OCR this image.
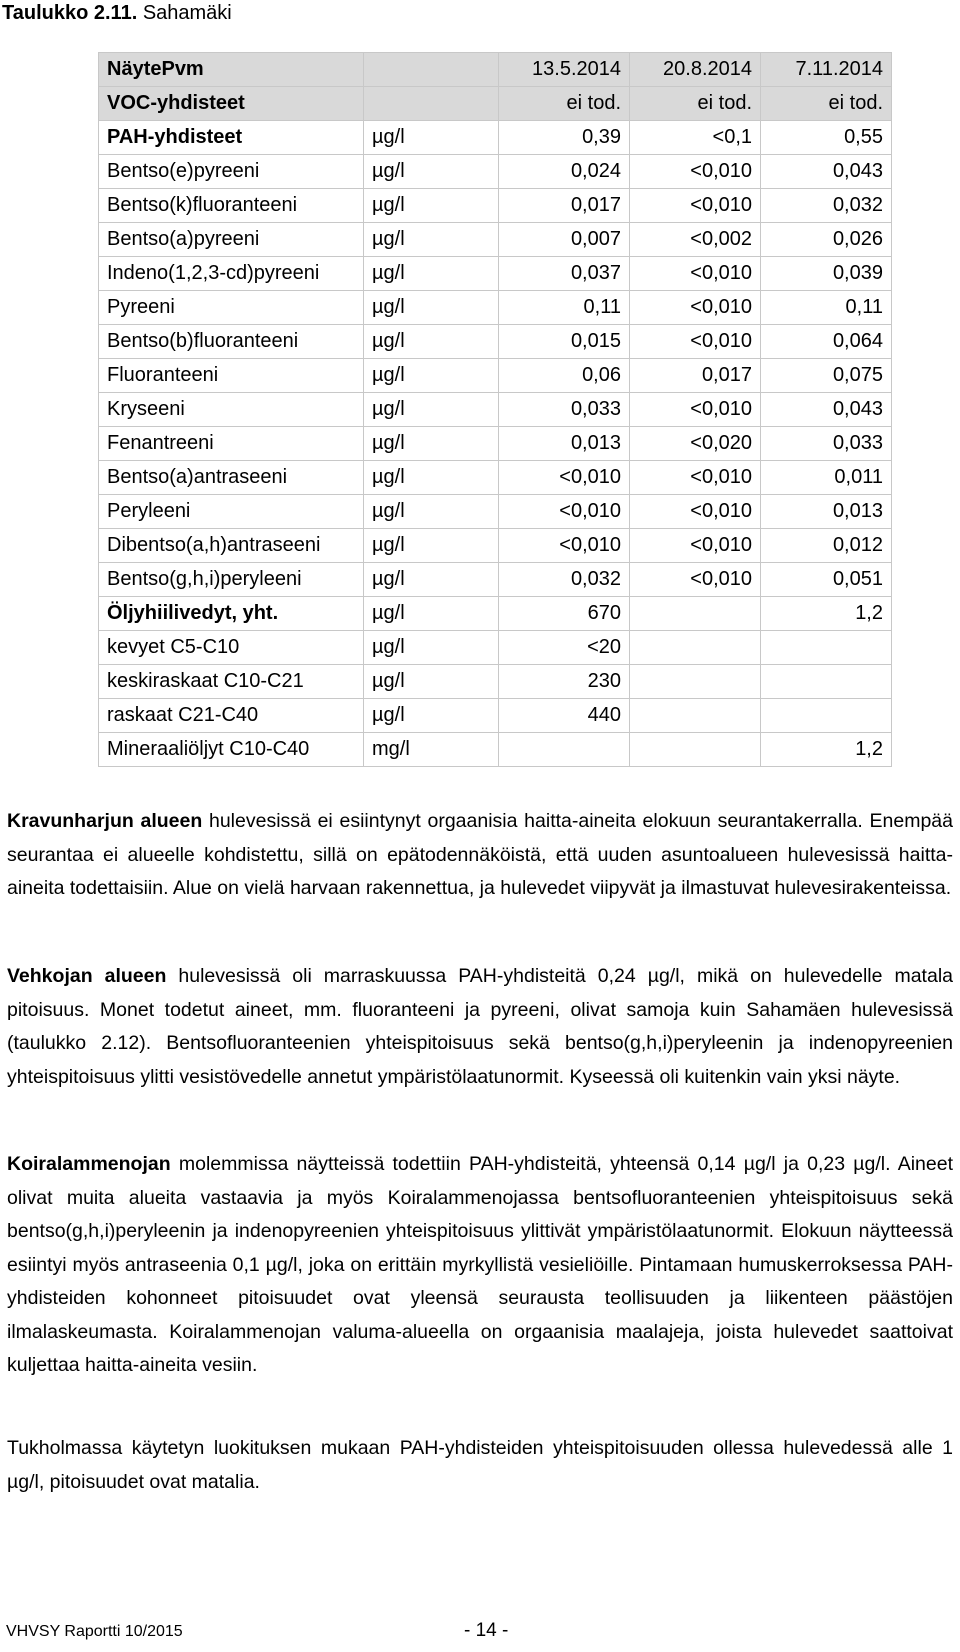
Taulukko 2.11. Sahamäki
NäytePvm		13.5.2014	20.8.2014	7.11.2014
VOC-yhdisteet		ei tod.	ei tod.	ei tod.
PAH-yhdisteet	µg/l	0,39	<0,1	0,55
Bentso(e)pyreeni	µg/l	0,024	<0,010	0,043
Bentso(k)fluoranteeni	µg/l	0,017	<0,010	0,032
Bentso(a)pyreeni	µg/l	0,007	<0,002	0,026
Indeno(1,2,3-cd)pyreeni	µg/l	0,037	<0,010	0,039
Pyreeni	µg/l	0,11	<0,010	0,11
Bentso(b)fluoranteeni	µg/l	0,015	<0,010	0,064
Fluoranteeni	µg/l	0,06	0,017	0,075
Kryseeni	µg/l	0,033	<0,010	0,043
Fenantreeni	µg/l	0,013	<0,020	0,033
Bentso(a)antraseeni	µg/l	<0,010	<0,010	0,011
Peryleeni	µg/l	<0,010	<0,010	0,013
Dibentso(a,h)antraseeni	µg/l	<0,010	<0,010	0,012
Bentso(g,h,i)peryleeni	µg/l	0,032	<0,010	0,051
Öljyhiilivedyt, yht.	µg/l	670		1,2
kevyet C5-C10	µg/l	<20		
keskiraskaat C10-C21	µg/l	230		
raskaat C21-C40	µg/l	440		
Mineraaliöljyt C10-C40	mg/l			1,2

Kravunharjun alueen hulevesissä ei esiintynyt orgaanisia haitta-aineita elokuun seurantakerralla. Enempää seurantaa ei alueelle kohdistettu, sillä on epätodennäköistä, että uuden asuntoalueen hulevesissä haitta-aineita todettaisiin. Alue on vielä harvaan rakennettua, ja hulevedet viipyvät ja ilmastuvat hulevesirakenteissa.

Vehkojan alueen hulevesissä oli marraskuussa PAH-yhdisteitä 0,24 µg/l, mikä on hulevedelle matala pitoisuus. Monet todetut aineet, mm. fluoranteeni ja pyreeni, olivat samoja kuin Sahamäen hulevesissä (taulukko 2.12). Bentsofluoranteenien yhteispitoisuus sekä bentso(g,h,i)peryleenin ja indenopyreenien yhteispitoisuus ylitti vesistövedelle annetut ympäristölaatunormit. Kyseessä oli kuitenkin vain yksi näyte.

Koiralammenojan molemmissa näytteissä todettiin PAH-yhdisteitä, yhteensä 0,14 µg/l ja 0,23 µg/l. Aineet olivat muita alueita vastaavia ja myös Koiralammenojassa bentsofluoranteenien yhteispitoisuus sekä bentso(g,h,i)peryleenin ja indenopyreenien yhteispitoisuus ylittivät ympäristölaatunormit. Elokuun näytteessä esiintyi myös antraseenia 0,1 µg/l, joka on erittäin myrkyllistä vesieliöille. Pintamaan humuskerroksessa PAH-yhdisteiden kohonneet pitoisuudet ovat yleensä seurausta teollisuuden ja liikenteen päästöjen ilmalaskeumasta. Koiralammenojan valuma-alueella on orgaanisia maalajeja, joista hulevedet saattoivat kuljettaa haitta-aineita vesiin.

Tukholmassa käytetyn luokituksen mukaan PAH-yhdisteiden yhteispitoisuuden ollessa hulevedessä alle 1 µg/l, pitoisuudet ovat matalia.

VHVSY Raportti 10/2015	- 14 -
